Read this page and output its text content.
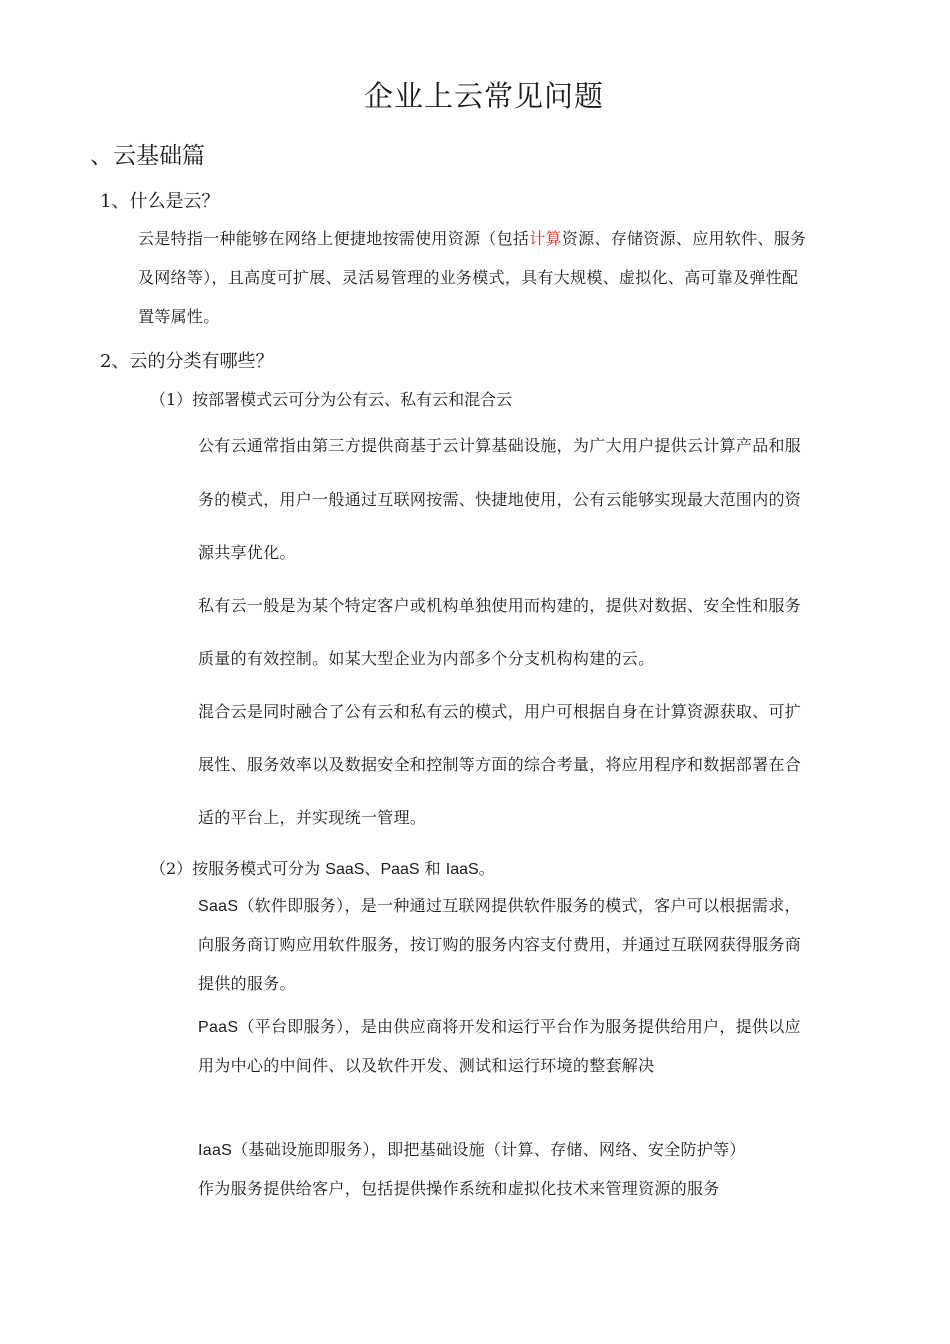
企业上云常见问题
、云基础篇
1、什么是云？
云是特指一种能够在网络上便捷地按需使用资源（包括计算资源、存储资源、应用软件、服务
及网络等），且高度可扩展、灵活易管理的业务模式，具有大规模、虚拟化、高可靠及弹性配
置等属性。
2、云的分类有哪些？
（1）按部署模式云可分为公有云、私有云和混合云
公有云通常指由第三方提供商基于云计算基础设施，为广大用户提供云计算产品和服
务的模式，用户一般通过互联网按需、快捷地使用，公有云能够实现最大范围内的资
源共享优化。
私有云一般是为某个特定客户或机构单独使用而构建的，提供对数据、安全性和服务
质量的有效控制。如某大型企业为内部多个分支机构构建的云。
混合云是同时融合了公有云和私有云的模式，用户可根据自身在计算资源获取、可扩
展性、服务效率以及数据安全和控制等方面的综合考量，将应用程序和数据部署在合
适的平台上，并实现统一管理。
（2）按服务模式可分为 SaaS、PaaS 和 IaaS。
SaaS（软件即服务），是一种通过互联网提供软件服务的模式，客户可以根据需求，
向服务商订购应用软件服务，按订购的服务内容支付费用，并通过互联网获得服务商
提供的服务。
PaaS（平台即服务），是由供应商将开发和运行平台作为服务提供给用户，提供以应
用为中心的中间件、以及软件开发、测试和运行环境的整套解决
IaaS（基础设施即服务），即把基础设施（计算、存储、网络、安全防护等）
作为服务提供给客户，包括提供操作系统和虚拟化技术来管理资源的服务
